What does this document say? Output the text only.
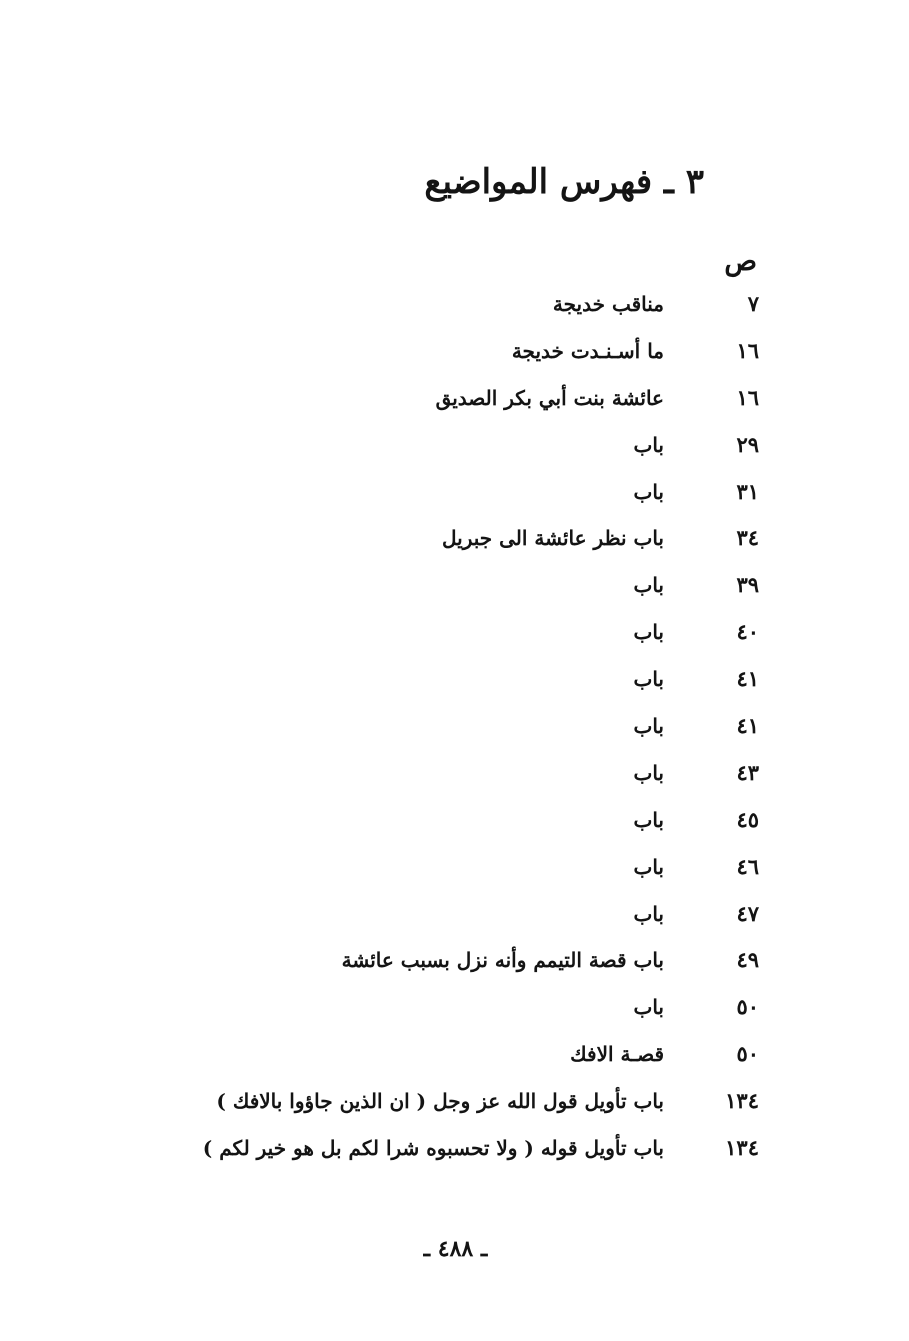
٣ ـ فهرس المواضيع
ص
٧
مناقب خديجة
١٦
ما أسـنـدت خديجة
١٦
عائشة بنت أبي بكر الصديق
٢٩
باب
٣١
باب
٣٤
باب نظر عائشة الى جبريل
٣٩
باب
٤٠
باب
٤١
باب
٤١
باب
٤٣
باب
٤٥
باب
٤٦
باب
٤٧
باب
٤٩
باب قصة التيمم وأنه نزل بسبب عائشة
٥٠
باب
٥٠
قصـة الافك
١٣٤
باب تأويل قول الله عز وجل ( ان الذين جاؤوا بالافك )
١٣٤
باب تأويل قوله ( ولا تحسبوه شرا لكم بل هو خير لكم )
ـ ٤٨٨ ـ
